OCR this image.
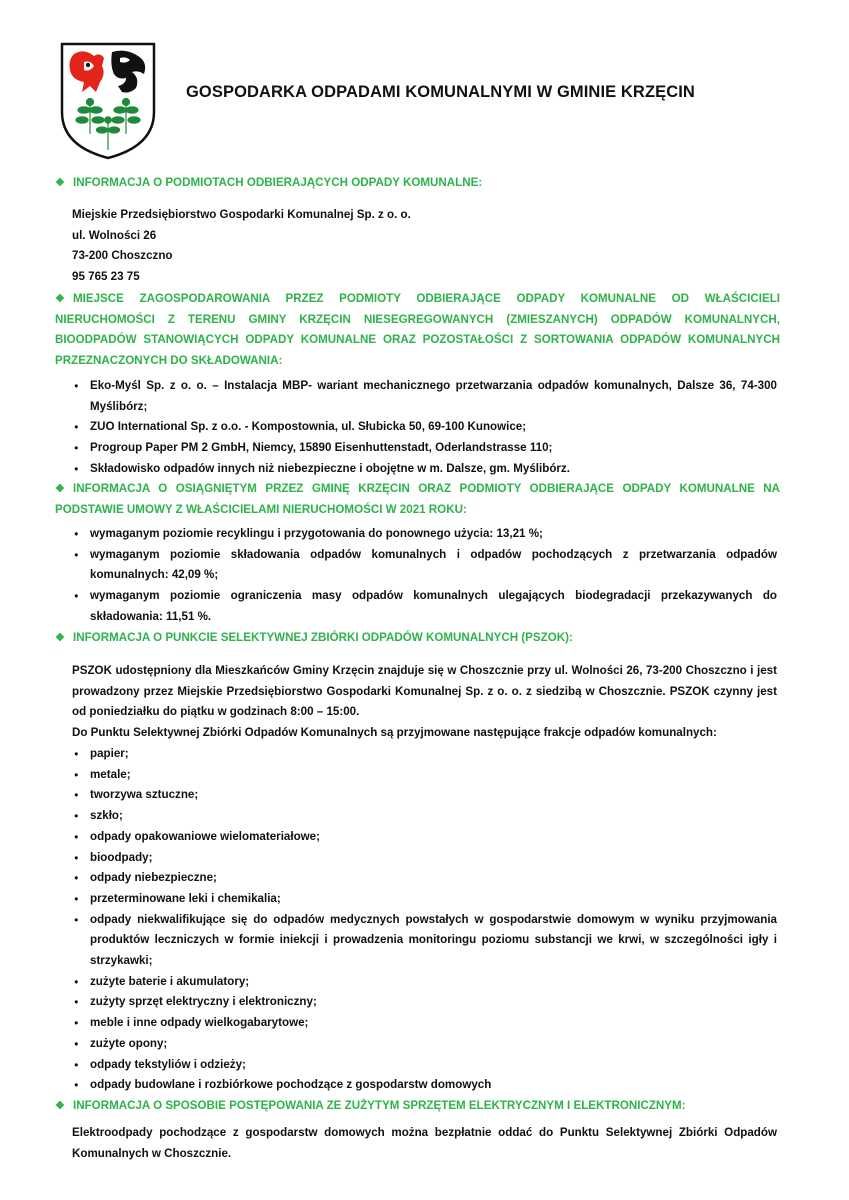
GOSPODARKA ODPADAMI KOMUNALNYMI W GMINIE KRZĘCIN
❖ INFORMACJA O PODMIOTACH ODBIERAJĄCYCH ODPADY KOMUNALNE:

Miejskie Przedsiębiorstwo Gospodarki Komunalnej Sp. z o. o.

ul. Wolności 26

73-200 Choszczno

95 765 23 75

❖ MIEJSCE ZAGOSPODAROWANIA PRZEZ PODMIOTY ODBIERAJĄCE ODPADY KOMUNALNE OD WŁAŚCICIELI NIERUCHOMOŚCI Z TERENU GMINY KRZĘCIN NIESEGREGOWANYCH (ZMIESZANYCH) ODPADÓW KOMUNALNYCH, BIOODPADÓW STANOWIĄCYCH ODPADY KOMUNALNE ORAZ POZOSTAŁOŚCI Z SORTOWANIA ODPADÓW KOMUNALNYCH PRZEZNACZONYCH DO SKŁADOWANIA:
● Eko-Myśl Sp. z o. o. – Instalacja MBP- wariant mechanicznego przetwarzania odpadów komunalnych, Dalsze 36, 74-300 Myślibórz;
● ZUO International Sp. z o.o. - Kompostownia, ul. Słubicka 50, 69-100 Kunowice;
● Progroup Paper PM 2 GmbH, Niemcy, 15890 Eisenhuttenstadt, Oderlandstrasse 110;
● Składowisko odpadów innych niż niebezpieczne i obojętne w m. Dalsze, gm. Myślibórz.
❖ INFORMACJA O OSIĄGNIĘTYM PRZEZ GMINĘ KRZĘCIN ORAZ PODMIOTY ODBIERAJĄCE ODPADY KOMUNALNE NA PODSTAWIE UMOWY Z WŁAŚCICIELAMI NIERUCHOMOŚCI W 2021 ROKU:
● wymaganym poziomie recyklingu i przygotowania do ponownego użycia: 13,21 %;
● wymaganym poziomie składowania odpadów komunalnych i odpadów pochodzących z przetwarzania odpadów komunalnych: 42,09 %;
● wymaganym poziomie ograniczenia masy odpadów komunalnych ulegających biodegradacji przekazywanych do składowania: 11,51 %.
❖ INFORMACJA O PUNKCIE SELEKTYWNEJ ZBIÓRKI ODPADÓW KOMUNALNYCH (PSZOK):

PSZOK udostępniony dla Mieszkańców Gminy Krzęcin znajduje się w Choszcznie przy ul. Wolności 26, 73-200 Choszczno i jest prowadzony przez Miejskie Przedsiębiorstwo Gospodarki Komunalnej Sp. z o. o. z siedzibą w Choszcznie. PSZOK czynny jest od poniedziałku do piątku w godzinach 8:00 – 15:00.

Do Punktu Selektywnej Zbiórki Odpadów Komunalnych są przyjmowane następujące frakcje odpadów komunalnych:

● papier;
● metale;
● tworzywa sztuczne;
● szkło;
● odpady opakowaniowe wielomateriałowe;
● bioodpady;
● odpady niebezpieczne;
● przeterminowane leki i chemikalia;
● odpady niekwalifikujące się do odpadów medycznych powstałych w gospodarstwie domowym w wyniku przyjmowania produktów leczniczych w formie iniekcji i prowadzenia monitoringu poziomu substancji we krwi, w szczególności igły i strzykawki;
● zużyte baterie i akumulatory;
● zużyty sprzęt elektryczny i elektroniczny;
● meble i inne odpady wielkogabarytowe;
● zużyte opony;
● odpady tekstyliów i odzieży;
● odpady budowlane i rozbiórkowe pochodzące z gospodarstw domowych
❖ INFORMACJA O SPOSOBIE POSTĘPOWANIA ZE ZUŻYTYM SPRZĘTEM ELEKTRYCZNYM I ELEKTRONICZNYM:

Elektroodpady pochodzące z gospodarstw domowych można bezpłatnie oddać do Punktu Selektywnej Zbiórki Odpadów Komunalnych w Choszcznie.
